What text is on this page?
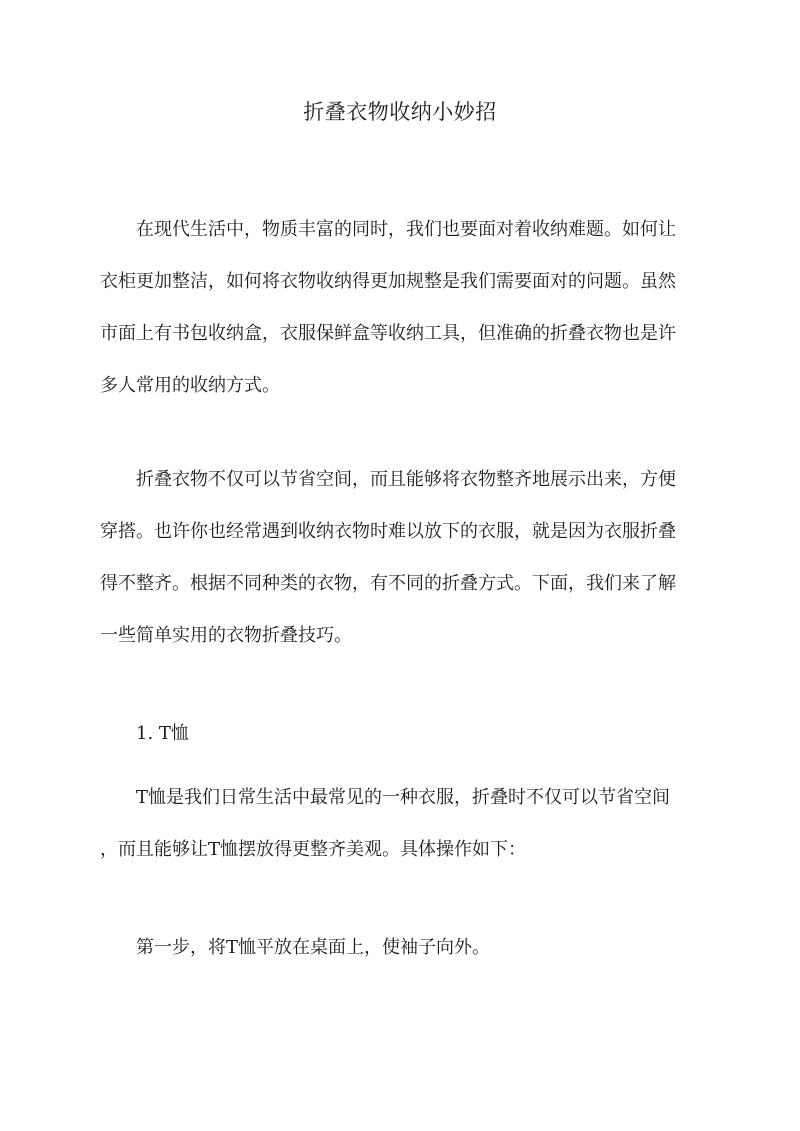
折叠衣物收纳小妙招
在现代生活中，物质丰富的同时，我们也要面对着收纳难题。如何让
衣柜更加整洁，如何将衣物收纳得更加规整是我们需要面对的问题。虽然
市面上有书包收纳盒，衣服保鲜盒等收纳工具，但准确的折叠衣物也是许
多人常用的收纳方式。
折叠衣物不仅可以节省空间，而且能够将衣物整齐地展示出来，方便
穿搭。也许你也经常遇到收纳衣物时难以放下的衣服，就是因为衣服折叠
得不整齐。根据不同种类的衣物，有不同的折叠方式。下面，我们来了解
一些简单实用的衣物折叠技巧。
1. T恤
T恤是我们日常生活中最常见的一种衣服，折叠时不仅可以节省空间
，而且能够让T恤摆放得更整齐美观。具体操作如下：
第一步，将T恤平放在桌面上，使袖子向外。
